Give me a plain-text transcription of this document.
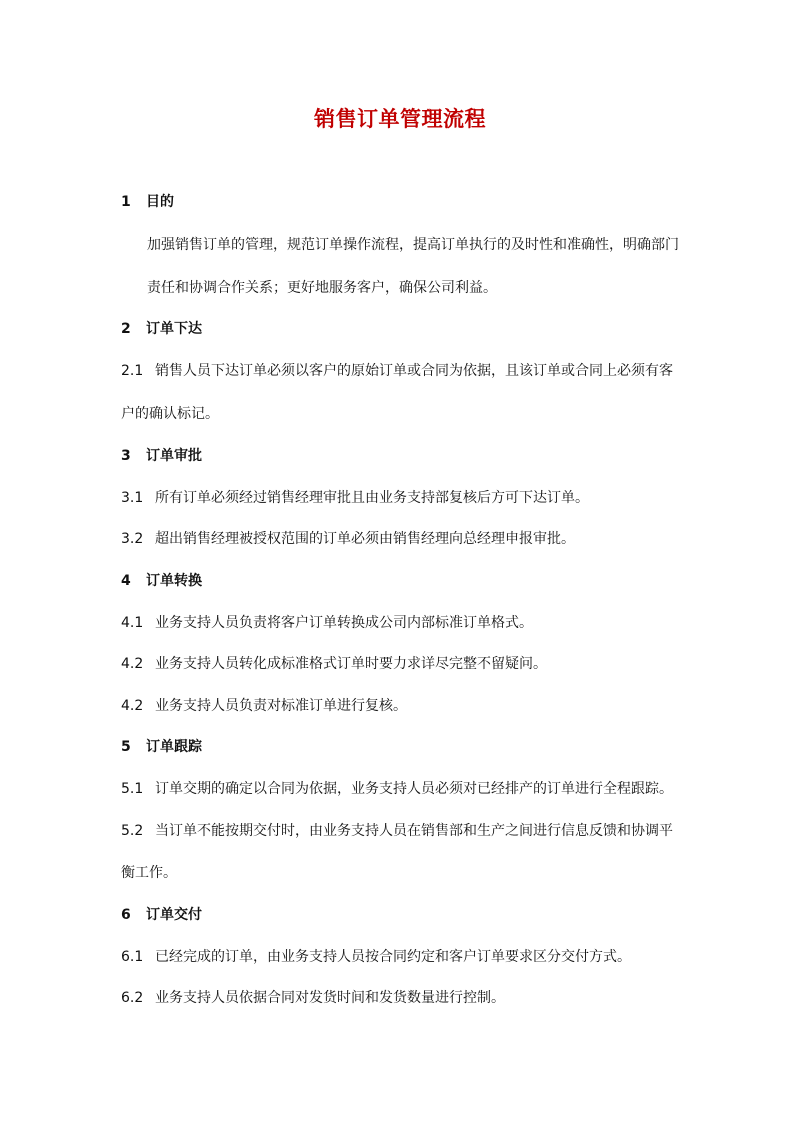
销售订单管理流程
1 目的
加强销售订单的管理，规范订单操作流程，提高订单执行的及时性和准确性，明确部门
责任和协调合作关系；更好地服务客户，确保公司利益。
2 订单下达
2.1 销售人员下达订单必须以客户的原始订单或合同为依据，且该订单或合同上必须有客
户的确认标记。
3 订单审批
3.1 所有订单必须经过销售经理审批且由业务支持部复核后方可下达订单。
3.2 超出销售经理被授权范围的订单必须由销售经理向总经理申报审批。
4 订单转换
4.1 业务支持人员负责将客户订单转换成公司内部标准订单格式。
4.2 业务支持人员转化成标准格式订单时要力求详尽完整不留疑问。
4.2 业务支持人员负责对标准订单进行复核。
5 订单跟踪
5.1 订单交期的确定以合同为依据，业务支持人员必须对已经排产的订单进行全程跟踪。
5.2 当订单不能按期交付时，由业务支持人员在销售部和生产之间进行信息反馈和协调平
衡工作。
6 订单交付
6.1 已经完成的订单，由业务支持人员按合同约定和客户订单要求区分交付方式。
6.2 业务支持人员依据合同对发货时间和发货数量进行控制。
